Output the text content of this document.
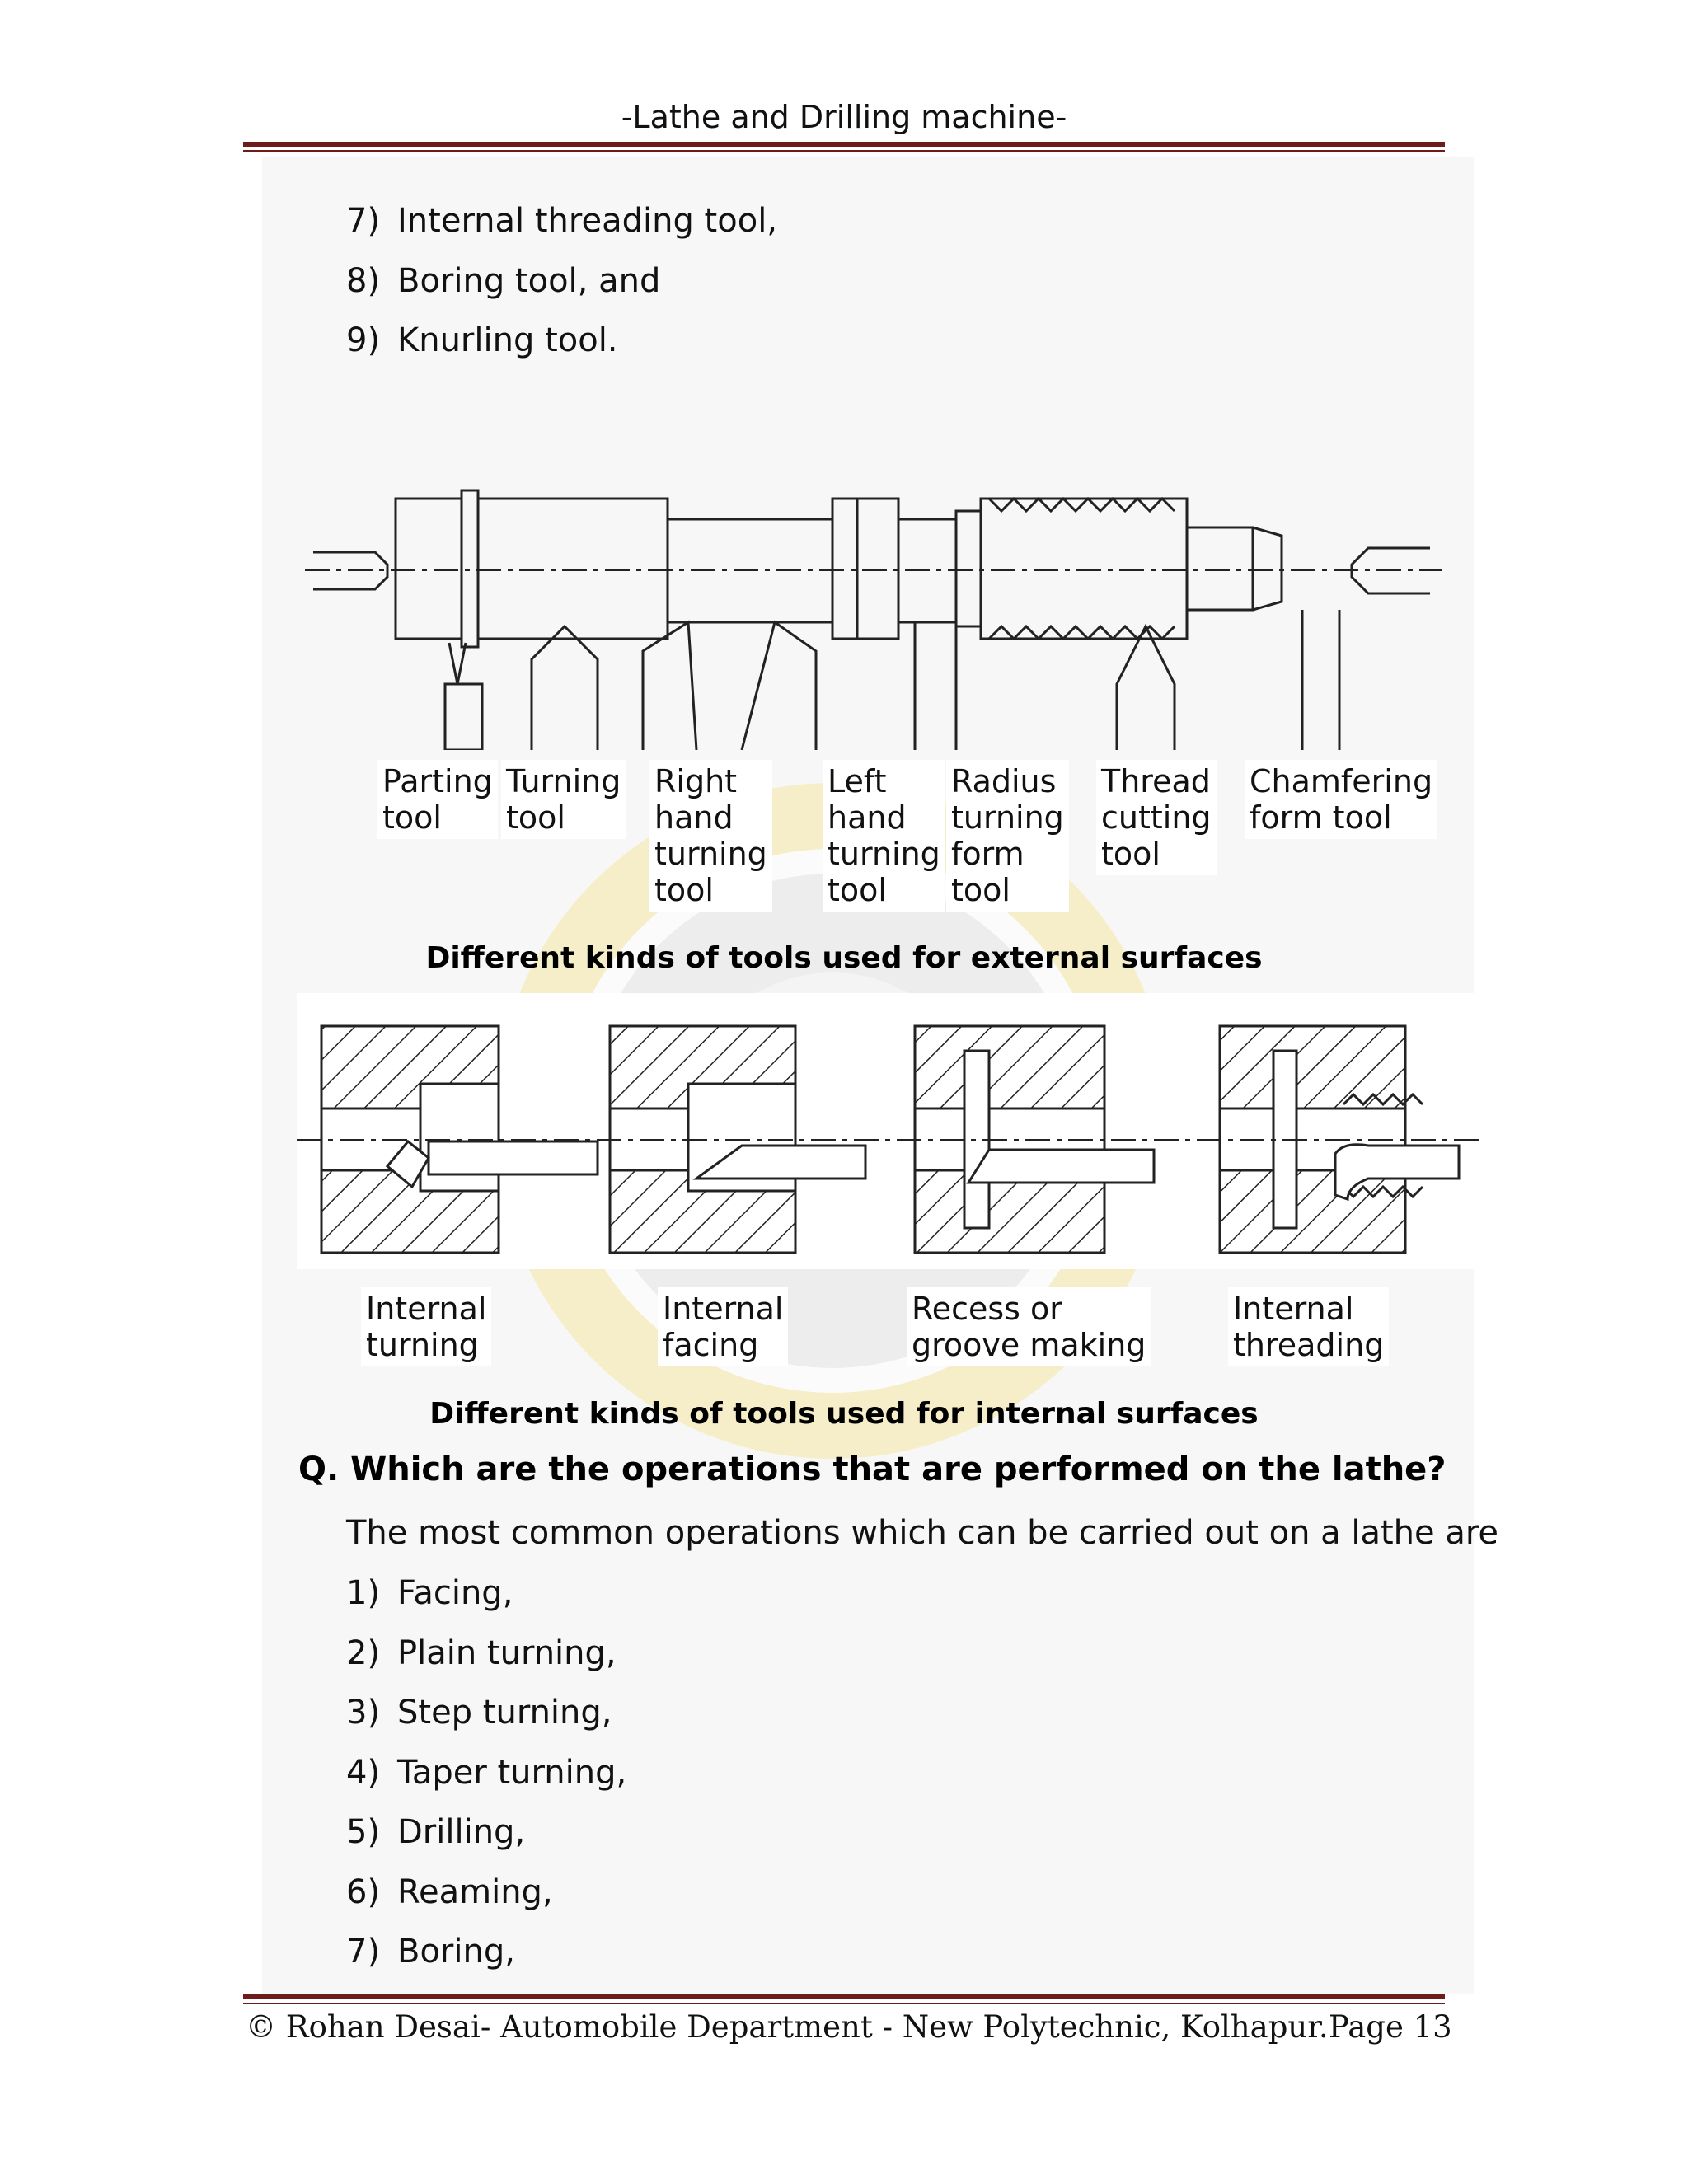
-Lathe and Drilling machine-
7) Internal threading tool,
8) Boring tool, and
9) Knurling tool.
Parting
tool
Turning
tool
Right
hand
turning
tool
Left
hand
turning
tool
Radius
turning
form
tool
Thread
cutting
tool
Chamfering
form tool
Different kinds of tools used for external surfaces
Internal
turning
Internal
facing
Recess or
groove making
Internal
threading
Different kinds of tools used for internal surfaces
Q. Which are the operations that are performed on the lathe?
The most common operations which can be carried out on a lathe are
1) Facing,
2) Plain turning,
3) Step turning,
4) Taper turning,
5) Drilling,
6) Reaming,
7) Boring,
© Rohan Desai- Automobile Department - New Polytechnic, Kolhapur. Page 13
